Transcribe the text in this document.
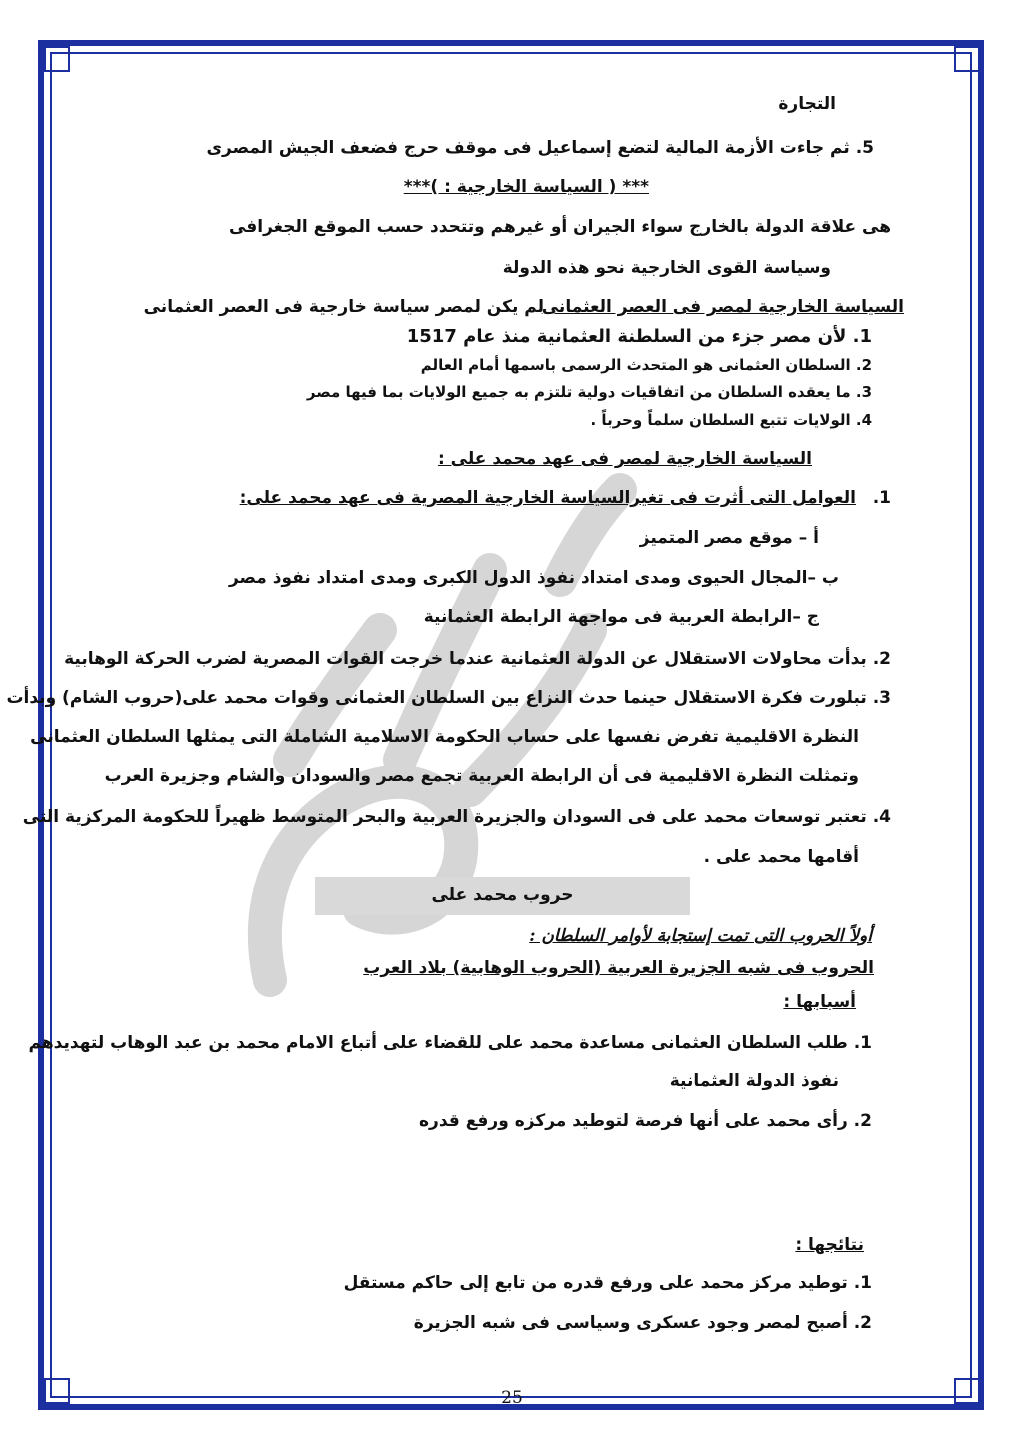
التجارة
5. ثم جاءت الأزمة المالية لتضع إسماعيل فى موقف حرج فضعف الجيش المصرى
*** ( السياسة الخارجية : )***
هى علاقة الدولة بالخارج سواء الجيران أو غيرهم وتتحدد حسب الموقع الجغرافى
وسياسة القوى الخارجية نحو هذه الدولة
السياسة الخارجية لمصر فى العصر العثمانى
لم يكن لمصر سياسة خارجية فى العصر العثمانى
1. لأن مصر جزء من السلطنة العثمانية منذ عام 1517
2. السلطان العثمانى هو المتحدث الرسمى باسمها أمام العالم
3. ما يعقده السلطان من اتفاقيات دولية تلتزم به جميع الولايات بما فيها مصر
4. الولايات تتبع السلطان سلماً وحرباً .
السياسة الخارجية لمصر فى عهد محمد على :
1.
العوامل التى أثرت فى تغيرالسياسة الخارجية المصرية فى عهد محمد على:
أ – موقع مصر المتميز
ب –المجال الحيوى ومدى امتداد نفوذ الدول الكبرى ومدى امتداد نفوذ مصر
ج –الرابطة العربية فى مواجهة الرابطة العثمانية
2. بدأت محاولات الاستقلال عن الدولة العثمانية عندما خرجت القوات المصرية لضرب الحركة الوهابية
3. تبلورت فكرة الاستقلال حينما حدث النزاع بين السلطان العثمانى وقوات محمد على(حروب الشام) وبدأت
النظرة الاقليمية تفرض نفسها على حساب الحكومة الاسلامية الشاملة التى يمثلها السلطان العثمانى
وتمثلت النظرة الاقليمية فى أن الرابطة العربية تجمع مصر والسودان والشام وجزيرة العرب
4. تعتبر توسعات محمد على فى السودان والجزيرة العربية والبحر المتوسط ظهيراً للحكومة المركزية التى
أقامها محمد على .
حروب محمد على
أولاً الحروب التى تمت إستجابة لأوامر السلطان :
الحروب فى شبه الجزيرة العربية (الحروب الوهابية) بلاد العرب
أسبابها :
1. طلب السلطان العثمانى مساعدة محمد على للقضاء على أتباع الامام محمد بن عبد الوهاب لتهديدهم
نفوذ الدولة العثمانية
2. رأى محمد على أنها فرصة لتوطيد مركزه ورفع قدره
نتائجها :
1. توطيد مركز محمد على ورفع قدره من تابع إلى حاكم مستقل
2. أصبح لمصر وجود عسكرى وسياسى فى شبه الجزيرة
25
